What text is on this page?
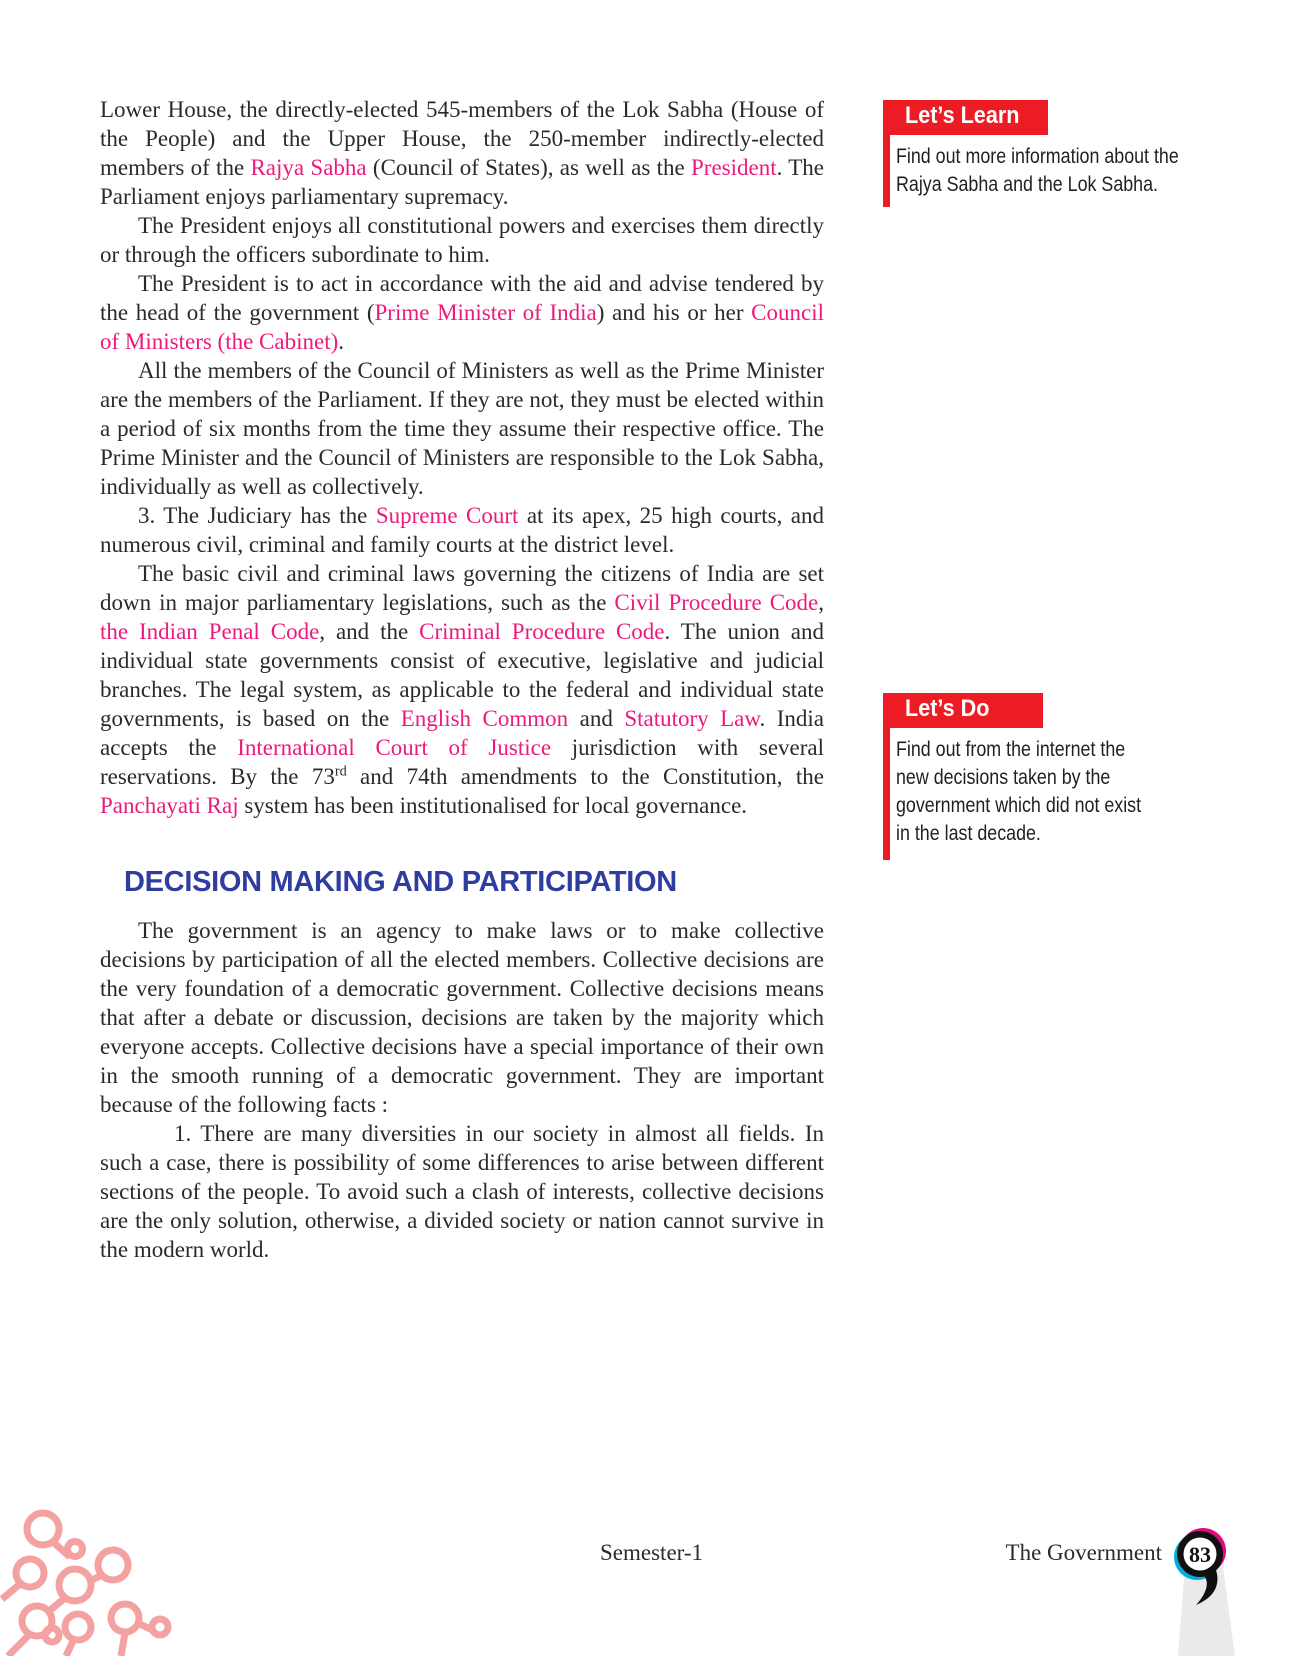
Lower House, the directly-elected 545-members of the Lok Sabha (House of the People) and the Upper House, the 250-member indirectly-elected members of the Rajya Sabha (Council of States), as well as the President. The Parliament enjoys parliamentary supremacy.

The President enjoys all constitutional powers and exercises them directly or through the officers subordinate to him.

The President is to act in accordance with the aid and advise tendered by the head of the government (Prime Minister of India) and his or her Council of Ministers (the Cabinet).

All the members of the Council of Ministers as well as the Prime Minister are the members of the Parliament. If they are not, they must be elected within a period of six months from the time they assume their respective office. The Prime Minister and the Council of Ministers are responsible to the Lok Sabha, individually as well as collectively.

3. The Judiciary has the Supreme Court at its apex, 25 high courts, and numerous civil, criminal and family courts at the district level.

The basic civil and criminal laws governing the citizens of India are set down in major parliamentary legislations, such as the Civil Procedure Code, the Indian Penal Code, and the Criminal Procedure Code. The union and individual state governments consist of executive, legislative and judicial branches. The legal system, as applicable to the federal and individual state governments, is based on the English Common and Statutory Law. India accepts the International Court of Justice jurisdiction with several reservations. By the 73rd and 74th amendments to the Constitution, the Panchayati Raj system has been institutionalised for local governance.

DECISION MAKING AND PARTICIPATION

The government is an agency to make laws or to make collective decisions by participation of all the elected members. Collective decisions are the very foundation of a democratic government. Collective decisions means that after a debate or discussion, decisions are taken by the majority which everyone accepts. Collective decisions have a special importance of their own in the smooth running of a democratic government. They are important because of the following facts :

1. There are many diversities in our society in almost all fields. In such a case, there is possibility of some differences to arise between different sections of the people. To avoid such a clash of interests, collective decisions are the only solution, otherwise, a divided society or nation cannot survive in the modern world.

Let’s Learn
Find out more information about the
Rajya Sabha and the Lok Sabha.
Let’s Do
Find out from the internet the
new decisions taken by the
government which did not exist
in the last decade.
Semester-1	The Government 83
